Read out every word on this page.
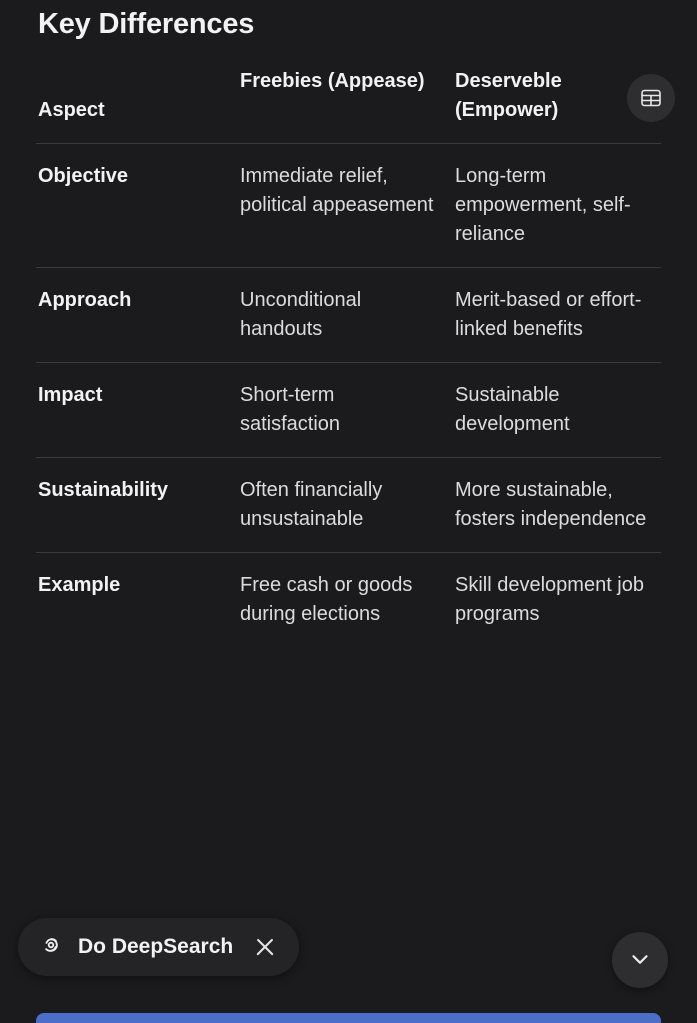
Key Differences
Aspect	Freebies (Appease)	Deserveble (Empower)
Objective	Immediate relief, political appeasement	Long-term empowerment, self-reliance
Approach	Unconditional handouts	Merit-based or effort-linked benefits
Impact	Short-term satisfaction	Sustainable development
Sustainability	Often financially unsustainable	More sustainable, fosters independence
Example	Free cash or goods during elections	Skill development job programs
Do DeepSearch
